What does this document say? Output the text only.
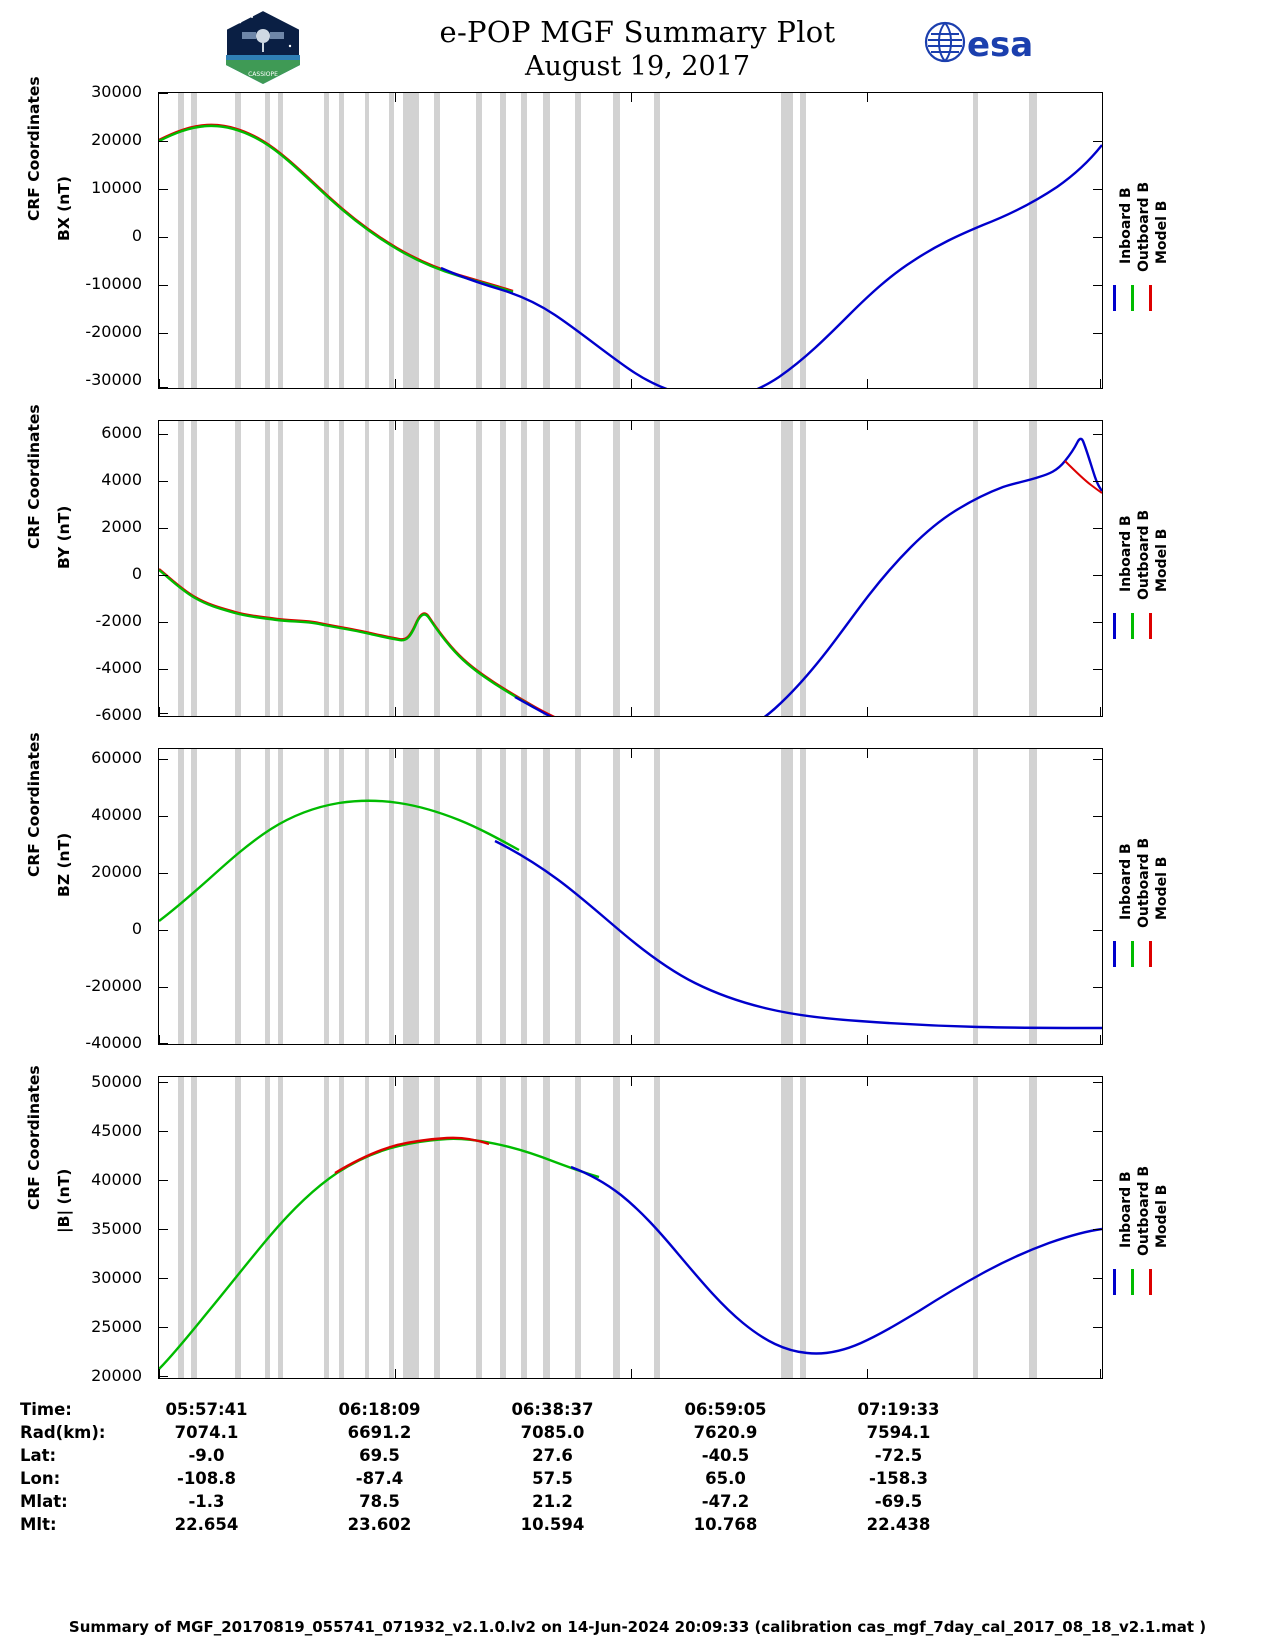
CASSIOPE
e-POP MGF Summary Plot
August 19, 2017
esa
CRF Coordinates BX (nT)
30000
20000
10000
0
-10000
-20000
-30000
Inboard B Outboard B Model B
CRF Coordinates BY (nT)
6000
4000
2000
0
-2000
-4000
-6000
Inboard B Outboard B Model B
CRF Coordinates BZ (nT)
60000
40000
20000
0
-20000
-40000
Inboard B Outboard B Model B
CRF Coordinates |B| (nT)
50000
45000
40000
35000
30000
25000
20000
Inboard B Outboard B Model B
Time:	05:57:41	06:18:09	06:38:37	06:59:05	07:19:33
Rad(km):	7074.1	6691.2	7085.0	7620.9	7594.1
Lat:	-9.0	69.5	27.6	-40.5	-72.5
Lon:	-108.8	-87.4	57.5	65.0	-158.3
Mlat:	-1.3	78.5	21.2	-47.2	-69.5
Mlt:	22.654	23.602	10.594	10.768	22.438
Summary of MGF_20170819_055741_071932_v2.1.0.lv2 on 14-Jun-2024 20:09:33 (calibration cas_mgf_7day_cal_2017_08_18_v2.1.mat )
